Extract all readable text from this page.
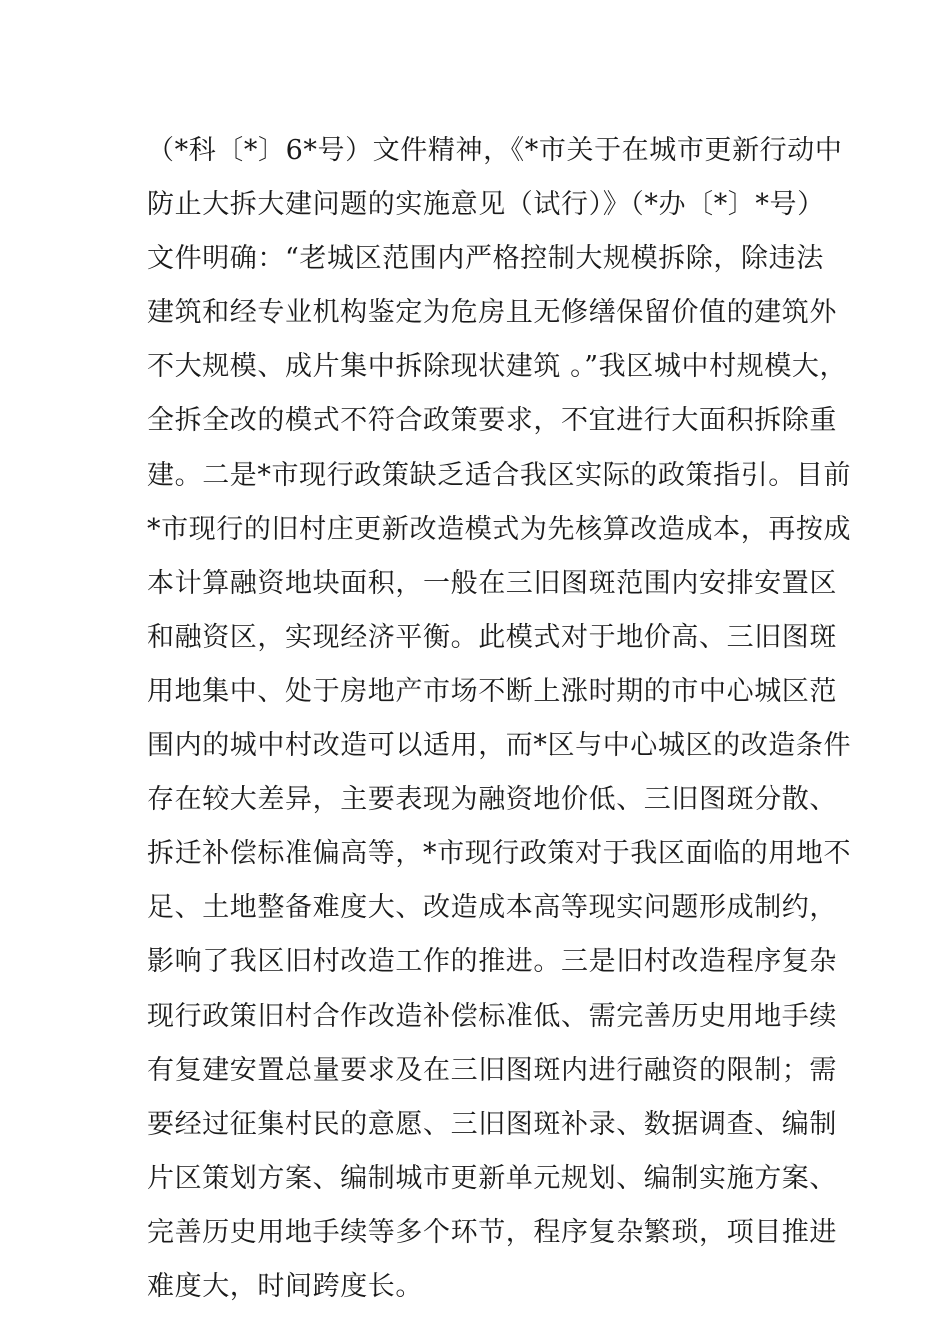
（*科〔*〕6*号）文件精神，《*市关于在城市更新行动中
防止大拆大建问题的实施意见（试行）》（*办〔*〕*号）
文件明确：“老城区范围内严格控制大规模拆除，除违法
建筑和经专业机构鉴定为危房且无修缮保留价值的建筑外
不大规模、成片集中拆除现状建筑 。”我区城中村规模大，
全拆全改的模式不符合政策要求，不宜进行大面积拆除重
建。二是*市现行政策缺乏适合我区实际的政策指引。目前
*市现行的旧村庄更新改造模式为先核算改造成本，再按成
本计算融资地块面积，一般在三旧图斑范围内安排安置区
和融资区，实现经济平衡。此模式对于地价高、三旧图斑
用地集中、处于房地产市场不断上涨时期的市中心城区范
围内的城中村改造可以适用，而*区与中心城区的改造条件
存在较大差异，主要表现为融资地价低、三旧图斑分散、
拆迁补偿标准偏高等，*市现行政策对于我区面临的用地不
足、土地整备难度大、改造成本高等现实问题形成制约，
影响了我区旧村改造工作的推进。三是旧村改造程序复杂
现行政策旧村合作改造补偿标准低、需完善历史用地手续
有复建安置总量要求及在三旧图斑内进行融资的限制；需
要经过征集村民的意愿、三旧图斑补录、数据调查、编制
片区策划方案、编制城市更新单元规划、编制实施方案、
完善历史用地手续等多个环节，程序复杂繁琐，项目推进
难度大，时间跨度长。
